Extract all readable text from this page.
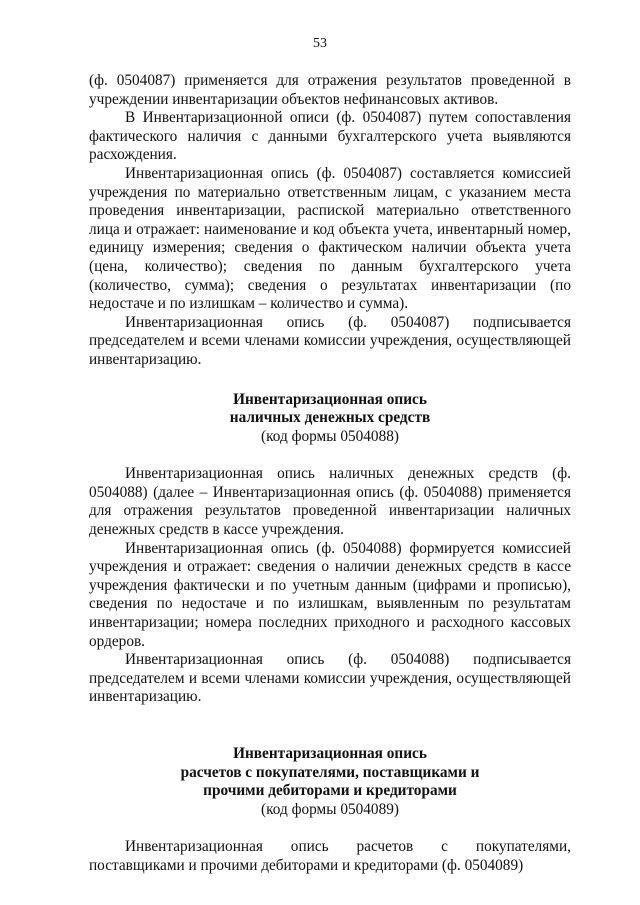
53

(ф. 0504087) применяется для отражения результатов проведенной в учреждении инвентаризации объектов нефинансовых активов.

В Инвентаризационной описи (ф. 0504087) путем сопоставления фактического наличия с данными бухгалтерского учета выявляются расхождения.

Инвентаризационная опись (ф. 0504087) составляется комиссией учреждения по материально ответственным лицам, с указанием места проведения инвентаризации, распиской материально ответственного лица и отражает: наименование и код объекта учета, инвентарный номер, единицу измерения; сведения о фактическом наличии объекта учета (цена, количество); сведения по данным бухгалтерского учета (количество, сумма); сведения о результатах инвентаризации (по недостаче и по излишкам – количество и сумма).

Инвентаризационная опись (ф. 0504087) подписывается председателем и всеми членами комиссии учреждения, осуществляющей инвентаризацию.

Инвентаризационная опись

наличных денежных средств

(код формы 0504088)

Инвентаризационная опись наличных денежных средств (ф. 0504088) (далее – Инвентаризационная опись (ф. 0504088) применяется для отражения результатов проведенной инвентаризации наличных денежных средств в кассе учреждения.

Инвентаризационная опись (ф. 0504088) формируется комиссией учреждения и отражает: сведения о наличии денежных средств в кассе учреждения фактически и по учетным данным (цифрами и прописью), сведения по недостаче и по излишкам, выявленным по результатам инвентаризации; номера последних приходного и расходного кассовых ордеров.

Инвентаризационная опись (ф. 0504088) подписывается председателем и всеми членами комиссии учреждения, осуществляющей инвентаризацию.

Инвентаризационная опись

расчетов с покупателями, поставщиками и

прочими дебиторами и кредиторами

(код формы 0504089)

Инвентаризационная опись расчетов с покупателями, поставщиками и прочими дебиторами и кредиторами (ф. 0504089)
